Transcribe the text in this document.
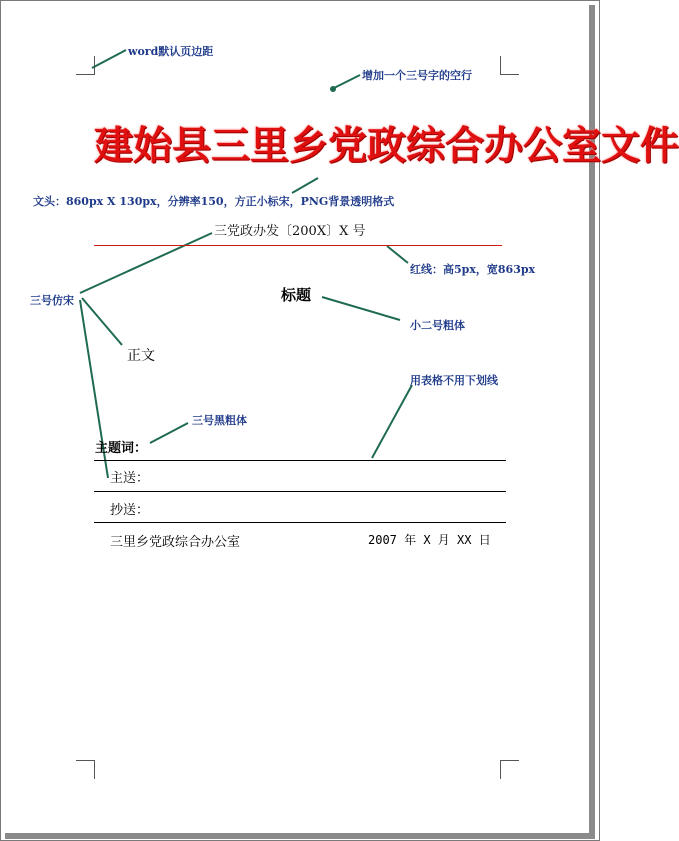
word默认页边距
增加一个三号字的空行
建始县三里乡党政综合办公室文件
文头：860px X 130px，分辨率150，方正小标宋，PNG背景透明格式
三党政办发〔200X〕X 号
红线：高5px，宽863px
三号仿宋	标题
小二号粗体
正文
用表格不用下划线
三号黑粗体
主题词：
主送：
抄送：
三里乡党政综合办公室	2007 年 X 月 XX 日
